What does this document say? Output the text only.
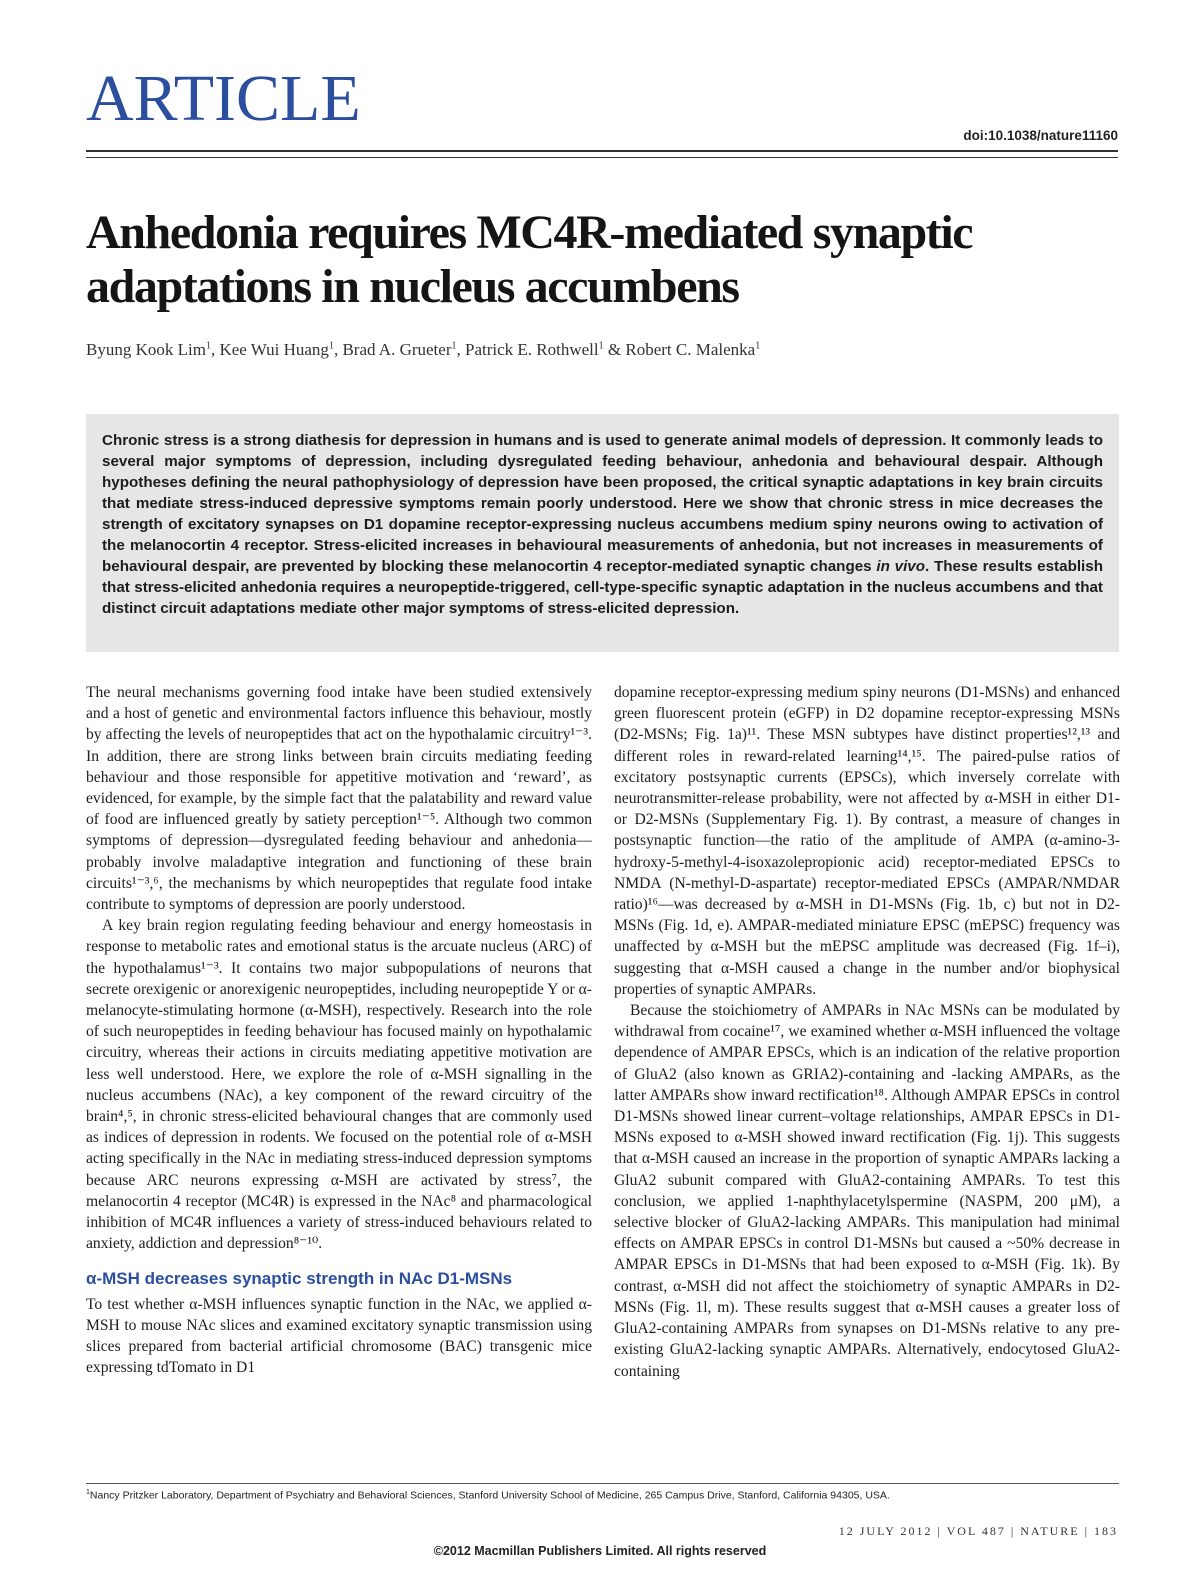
ARTICLE
doi:10.1038/nature11160
Anhedonia requires MC4R-mediated synaptic adaptations in nucleus accumbens
Byung Kook Lim$^1$, Kee Wui Huang$^1$, Brad A. Grueter$^1$, Patrick E. Rothwell$^1$ & Robert C. Malenka$^1$

Chronic stress is a strong diathesis for depression in humans and is used to generate animal models of depression. It commonly leads to several major symptoms of depression, including dysregulated feeding behaviour, anhedonia and behavioural despair. Although hypotheses defining the neural pathophysiology of depression have been proposed, the critical synaptic adaptations in key brain circuits that mediate stress-induced depressive symptoms remain poorly understood. Here we show that chronic stress in mice decreases the strength of excitatory synapses on D1 dopamine receptor-expressing nucleus accumbens medium spiny neurons owing to activation of the melanocortin 4 receptor. Stress-elicited increases in behavioural measurements of anhedonia, but not increases in measurements of behavioural despair, are prevented by blocking these melanocortin 4 receptor-mediated synaptic changes in vivo. These results establish that stress-elicited anhedonia requires a neuropeptide-triggered, cell-type-specific synaptic adaptation in the nucleus accumbens and that distinct circuit adaptations mediate other major symptoms of stress-elicited depression.

The neural mechanisms governing food intake have been studied extensively and a host of genetic and environmental factors influence this behaviour, mostly by affecting the levels of neuropeptides that act on the hypothalamic circuitry¹⁻³. In addition, there are strong links between brain circuits mediating feeding behaviour and those responsible for appetitive motivation and ‘reward’, as evidenced, for example, by the simple fact that the palatability and reward value of food are influenced greatly by satiety perception¹⁻⁵. Although two common symptoms of depression—dysregulated feeding behaviour and anhedonia—probably involve maladaptive integration and functioning of these brain circuits¹⁻³,⁶, the mechanisms by which neuropeptides that regulate food intake contribute to symptoms of depression are poorly understood.

A key brain region regulating feeding behaviour and energy homeostasis in response to metabolic rates and emotional status is the arcuate nucleus (ARC) of the hypothalamus¹⁻³. It contains two major subpopulations of neurons that secrete orexigenic or anorexigenic neuropeptides, including neuropeptide Y or α-melanocyte-stimulating hormone (α-MSH), respectively. Research into the role of such neuropeptides in feeding behaviour has focused mainly on hypothalamic circuitry, whereas their actions in circuits mediating appetitive motivation are less well understood. Here, we explore the role of α-MSH signalling in the nucleus accumbens (NAc), a key component of the reward circuitry of the brain⁴,⁵, in chronic stress-elicited behavioural changes that are commonly used as indices of depression in rodents. We focused on the potential role of α-MSH acting specifically in the NAc in mediating stress-induced depression symptoms because ARC neurons expressing α-MSH are activated by stress⁷, the melanocortin 4 receptor (MC4R) is expressed in the NAc⁸ and pharmacological inhibition of MC4R influences a variety of stress-induced behaviours related to anxiety, addiction and depression⁸⁻¹⁰.

α-MSH decreases synaptic strength in NAc D1-MSNs

To test whether α-MSH influences synaptic function in the NAc, we applied α-MSH to mouse NAc slices and examined excitatory synaptic transmission using slices prepared from bacterial artificial chromosome (BAC) transgenic mice expressing tdTomato in D1

dopamine receptor-expressing medium spiny neurons (D1-MSNs) and enhanced green fluorescent protein (eGFP) in D2 dopamine receptor-expressing MSNs (D2-MSNs; Fig. 1a)¹¹. These MSN subtypes have distinct properties¹²,¹³ and different roles in reward-related learning¹⁴,¹⁵. The paired-pulse ratios of excitatory postsynaptic currents (EPSCs), which inversely correlate with neurotransmitter-release probability, were not affected by α-MSH in either D1- or D2-MSNs (Supplementary Fig. 1). By contrast, a measure of changes in postsynaptic function—the ratio of the amplitude of AMPA (α-amino-3-hydroxy-5-methyl-4-isoxazolepropionic acid) receptor-mediated EPSCs to NMDA (N-methyl-D-aspartate) receptor-mediated EPSCs (AMPAR/NMDAR ratio)¹⁶—was decreased by α-MSH in D1-MSNs (Fig. 1b, c) but not in D2-MSNs (Fig. 1d, e). AMPAR-mediated miniature EPSC (mEPSC) frequency was unaffected by α-MSH but the mEPSC amplitude was decreased (Fig. 1f–i), suggesting that α-MSH caused a change in the number and/or biophysical properties of synaptic AMPARs.

Because the stoichiometry of AMPARs in NAc MSNs can be modulated by withdrawal from cocaine¹⁷, we examined whether α-MSH influenced the voltage dependence of AMPAR EPSCs, which is an indication of the relative proportion of GluA2 (also known as GRIA2)-containing and -lacking AMPARs, as the latter AMPARs show inward rectification¹⁸. Although AMPAR EPSCs in control D1-MSNs showed linear current–voltage relationships, AMPAR EPSCs in D1-MSNs exposed to α-MSH showed inward rectification (Fig. 1j). This suggests that α-MSH caused an increase in the proportion of synaptic AMPARs lacking a GluA2 subunit compared with GluA2-containing AMPARs. To test this conclusion, we applied 1-naphthylacetylspermine (NASPM, 200 μM), a selective blocker of GluA2-lacking AMPARs. This manipulation had minimal effects on AMPAR EPSCs in control D1-MSNs but caused a ~50% decrease in AMPAR EPSCs in D1-MSNs that had been exposed to α-MSH (Fig. 1k). By contrast, α-MSH did not affect the stoichiometry of synaptic AMPARs in D2-MSNs (Fig. 1l, m). These results suggest that α-MSH causes a greater loss of GluA2-containing AMPARs from synapses on D1-MSNs relative to any pre-existing GluA2-lacking synaptic AMPARs. Alternatively, endocytosed GluA2-containing

$^1$Nancy Pritzker Laboratory, Department of Psychiatry and Behavioral Sciences, Stanford University School of Medicine, 265 Campus Drive, Stanford, California 94305, USA.
12 JULY 2012 | VOL 487 | NATURE | 183
©2012 Macmillan Publishers Limited. All rights reserved
